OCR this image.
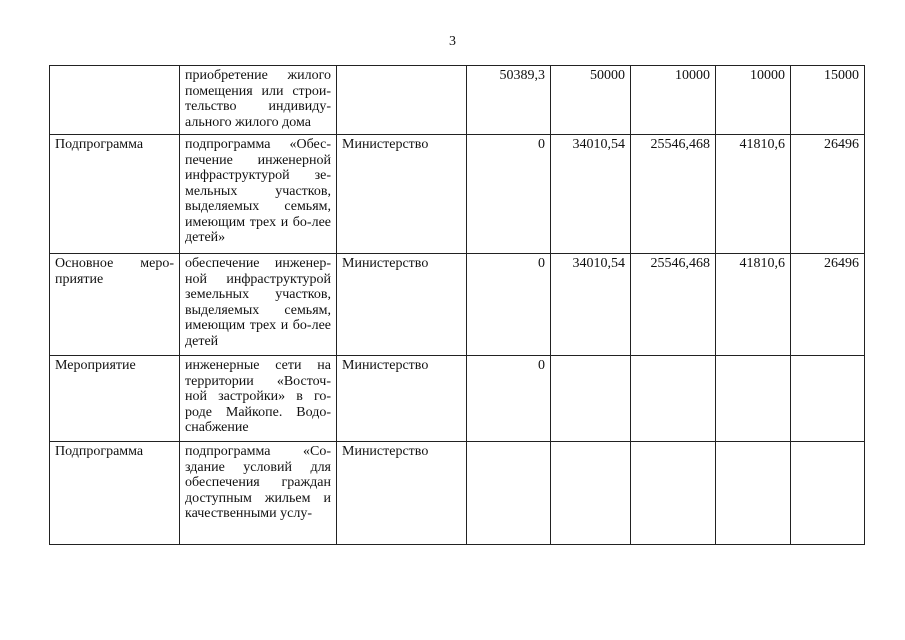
3
	приобретение жилого помещения или строи-тельство индивиду-ального жилого дома		50389,3	50000	10000	10000	15000
Подпрограмма	подпрограмма «Обес-печение инженерной инфраструктурой зе-мельных участков, выделяемых семьям, имеющим трех и бо-лее детей»	Министерство	0	34010,54	25546,468	41810,6	26496
Основное меро-приятие	обеспечение инженер-ной инфраструктурой земельных участков, выделяемых семьям, имеющим трех и бо-лее детей	Министерство	0	34010,54	25546,468	41810,6	26496
Мероприятие	инженерные сети на территории «Восточ-ной застройки» в го-роде Майкопе. Водо-снабжение	Министерство	0				
Подпрограмма	подпрограмма «Со-здание условий для обеспечения граждан доступным жильем и качественными услу-	Министерство					
